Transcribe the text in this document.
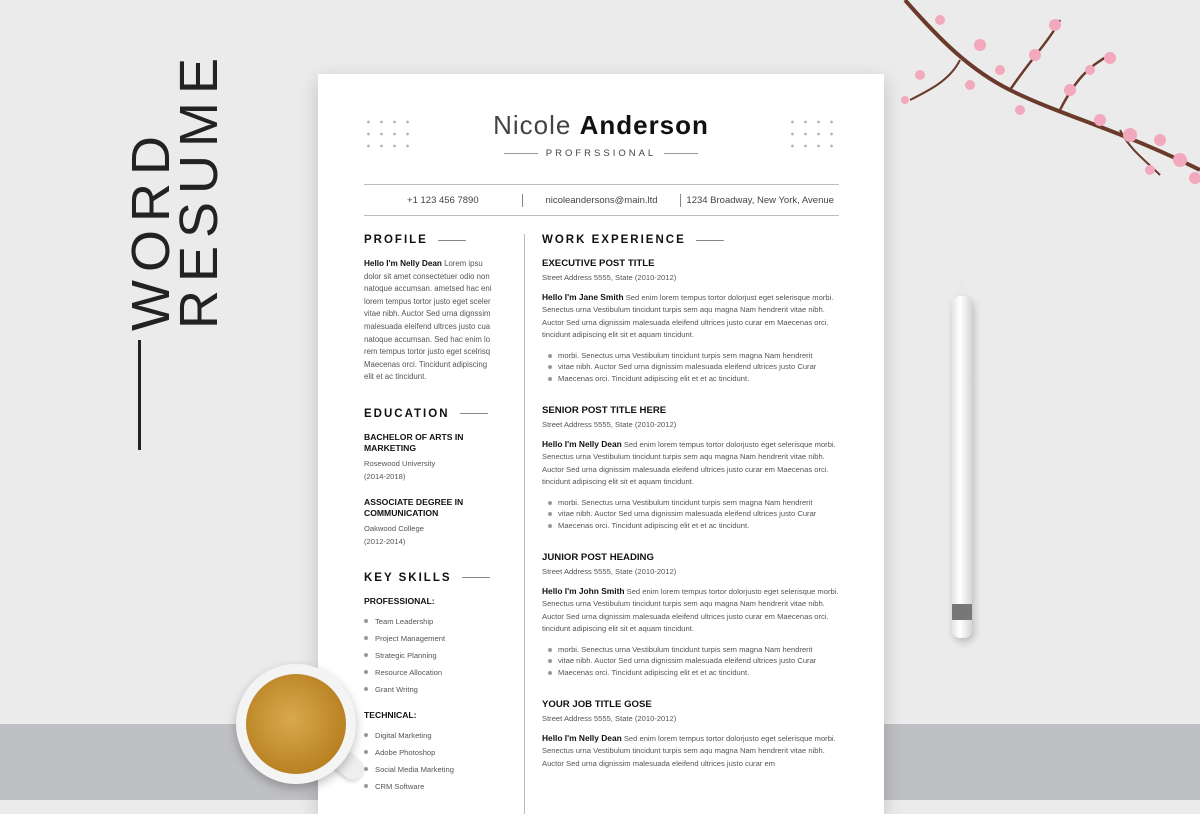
WORD
RESUME	Nicole Anderson
PROFRSSIONAL
+1 123 456 7890	nicoleandersons@main.ltd	1234 Broadway, New York, Avenue
PROFILE
Hello I'm Nelly Dean Lorem ipsu dolor sit amet consectetuer odio non natoque accumsan. ametsed hac eni lorem tempus tortor justo eget sceler vitae nibh. Auctor Sed urna dignssim malesuada eleifend ultrces justo cua natoque accumsan. Sed hac enim lo rem tempus tortor justo eget scelrisq Maecenas orci. Tincidunt adipiscing elit et ac tincidunt.
EDUCATION
BACHELOR OF ARTS IN MARKETING
Rosewood University
(2014-2018)
ASSOCIATE DEGREE IN COMMUNICATION
Oakwood College
(2012-2014)
KEY SKILLS
PROFESSIONAL:
Team Leadership
Project Management
Strategic Planning
Resource Allocation
Grant Writng
TECHNICAL:
Digital Marketing
Adobe Photoshop
Social Media Marketing
CRM Software
WORK EXPERIENCE
EXECUTIVE POST TITLE
Street Address 5555, State (2010-2012)
Hello I'm Jane Smith Sed enim lorem tempus tortor dolorjust eget selerisque morbi. Senectus urna Vestibulum tincidunt turpis sem aqu magna Nam hendrerit vitae nibh. Auctor Sed urna dignissim malesuada eleifend ultrices justo curar em Maecenas orci. tincidunt adipiscing elit sit et aquam tincidunt.
morbi. Senectus urna Vestibulum tincidunt turpis sem magna Nam hendrerit
vitae nibh. Auctor Sed urna dignissim malesuada eleifend ultrices justo Curar
Maecenas orci. Tincidunt adipiscing elit et et ac tincidunt.
SENIOR POST TITLE HERE
Street Address 5555, State (2010-2012)
Hello I'm Nelly Dean Sed enim lorem tempus tortor dolorjusto eget selerisque morbi. Senectus urna Vestibulum tincidunt turpis sem aqu magna Nam hendrerit vitae nibh. Auctor Sed urna dignissim malesuada eleifend ultrices justo curar em Maecenas orci. tincidunt adipiscing elit sit et aquam tincidunt.
morbi. Senectus urna Vestibulum tincidunt turpis sem magna Nam hendrerit
vitae nibh. Auctor Sed urna dignissim malesuada eleifend ultrices justo Curar
Maecenas orci. Tincidunt adipiscing elit et et ac tincidunt.
JUNIOR POST HEADING
Street Address 5555, State (2010-2012)
Hello I'm John Smith Sed enim lorem tempus tortor dolorjusto eget selerisque morbi. Senectus urna Vestibulum tincidunt turpis sem aqu magna Nam hendrerit vitae nibh. Auctor Sed urna dignissim malesuada eleifend ultrices justo curar em Maecenas orci. tincidunt adipiscing elit sit et aquam tincidunt.
morbi. Senectus urna Vestibulum tincidunt turpis sem magna Nam hendrerit
vitae nibh. Auctor Sed urna dignissim malesuada eleifend ultrices justo Curar
Maecenas orci. Tincidunt adipiscing elit et et ac tincidunt.
YOUR JOB TITLE GOSE
Street Address 5555, State (2010-2012)
Hello I'm Nelly Dean Sed enim lorem tempus tortor dolorjusto eget selerisque morbi. Senectus urna Vestibulum tincidunt turpis sem aqu magna Nam hendrerit vitae nibh. Auctor Sed urna dignissim malesuada eleifend ultrices justo curar em
